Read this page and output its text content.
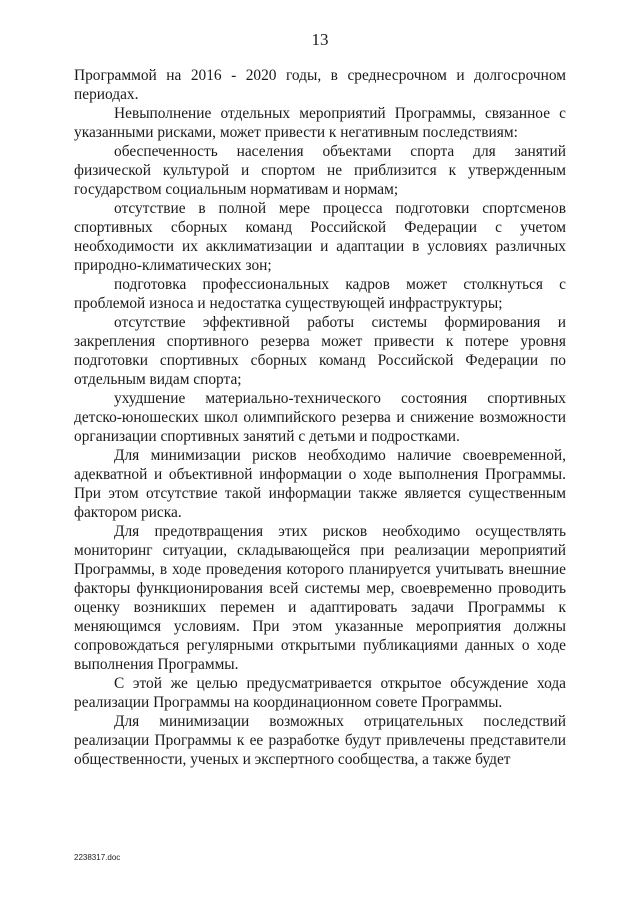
13

Программой на 2016 - 2020 годы, в среднесрочном и долгосрочном периодах.

Невыполнение отдельных мероприятий Программы, связанное с указанными рисками, может привести к негативным последствиям:

обеспеченность населения объектами спорта для занятий физической культурой и спортом не приблизится к утвержденным государством социальным нормативам и нормам;

отсутствие в полной мере процесса подготовки спортсменов спортивных сборных команд Российской Федерации с учетом необходимости их акклиматизации и адаптации в условиях различных природно-климатических зон;

подготовка профессиональных кадров может столкнуться с проблемой износа и недостатка существующей инфраструктуры;

отсутствие эффективной работы системы формирования и закрепления спортивного резерва может привести к потере уровня подготовки спортивных сборных команд Российской Федерации по отдельным видам спорта;

ухудшение материально-технического состояния спортивных детско-юношеских школ олимпийского резерва и снижение возможности организации спортивных занятий с детьми и подростками.

Для минимизации рисков необходимо наличие своевременной, адекватной и объективной информации о ходе выполнения Программы. При этом отсутствие такой информации также является существенным фактором риска.

Для предотвращения этих рисков необходимо осуществлять мониторинг ситуации, складывающейся при реализации мероприятий Программы, в ходе проведения которого планируется учитывать внешние факторы функционирования всей системы мер, своевременно проводить оценку возникших перемен и адаптировать задачи Программы к меняющимся условиям. При этом указанные мероприятия должны сопровождаться регулярными открытыми публикациями данных о ходе выполнения Программы.

С этой же целью предусматривается открытое обсуждение хода реализации Программы на координационном совете Программы.

Для минимизации возможных отрицательных последствий реализации Программы к ее разработке будут привлечены представители общественности, ученых и экспертного сообщества, а также будет

2238317.doc
